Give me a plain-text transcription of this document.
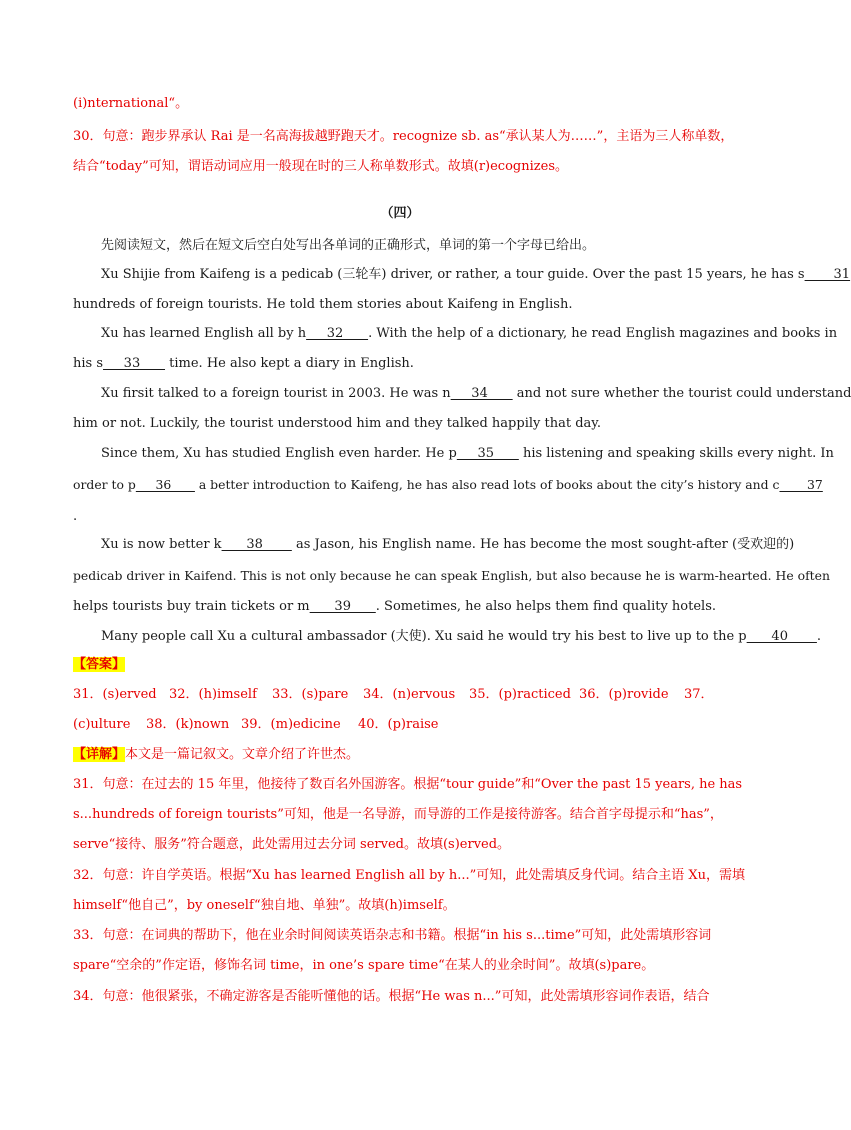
(i)nternational“。
30．句意：跑步界承认 Rai 是一名高海拔越野跑天才。recognize sb. as“承认某人为……”，主语为三人称单数，
结合“today”可知，谓语动词应用一般现在时的三人称单数形式。故填(r)ecognizes。
（四）
先阅读短文，然后在短文后空白处写出各单词的正确形式，单词的第一个字母已给出。
Xu Shijie from Kaifeng is a pedicab (三轮车) driver, or rather, a tour guide. Over the past 15 years, he has s       31
hundreds of foreign tourists. He told them stories about Kaifeng in English.
Xu has learned English all by h     32      . With the help of a dictionary, he read English magazines and books in
his s     33       time. He also kept a diary in English.
Xu firsit talked to a foreign tourist in 2003. He was n     34       and not sure whether the tourist could understand
him or not. Luckily, the tourist understood him and they talked happily that day.
Since them, Xu has studied English even harder. He p     35       his listening and speaking skills every night. In
order to p     36       a better introduction to Kaifeng, he has also read lots of books about the city’s history and c       37
.
Xu is now better k      38        as Jason, his English name. He has become the most sought-after (受欢迎的)
pedicab driver in Kaifend. This is not only because he can speak English, but also because he is warm-hearted. He often
helps tourists buy train tickets or m      39      . Sometimes, he also helps them find quality hotels.
Many people call Xu a cultural ambassador (大使). Xu said he would try his best to live up to the p      40       .
【答案】
31．(s)erved 32．(h)imself 33．(s)pare 34．(n)ervous 35．(p)racticed 36．(p)rovide 37．
(c)ulture 38．(k)nown 39．(m)edicine 40．(p)raise
【详解】本文是一篇记叙文。文章介绍了许世杰。
31．句意：在过去的 15 年里，他接待了数百名外国游客。根据“tour guide”和“Over the past 15 years, he has
s...hundreds of foreign tourists”可知，他是一名导游，而导游的工作是接待游客。结合首字母提示和“has”，
serve“接待、服务”符合题意，此处需用过去分词 served。故填(s)erved。
32．句意：许自学英语。根据“Xu has learned English all by h...”可知，此处需填反身代词。结合主语 Xu，需填
himself“他自己”，by oneself“独自地、单独”。故填(h)imself。
33．句意：在词典的帮助下，他在业余时间阅读英语杂志和书籍。根据“in his s...time”可知，此处需填形容词
spare“空余的”作定语，修饰名词 time，in one’s spare time“在某人的业余时间”。故填(s)pare。
34．句意：他很紧张，不确定游客是否能听懂他的话。根据“He was n...”可知，此处需填形容词作表语，结合
